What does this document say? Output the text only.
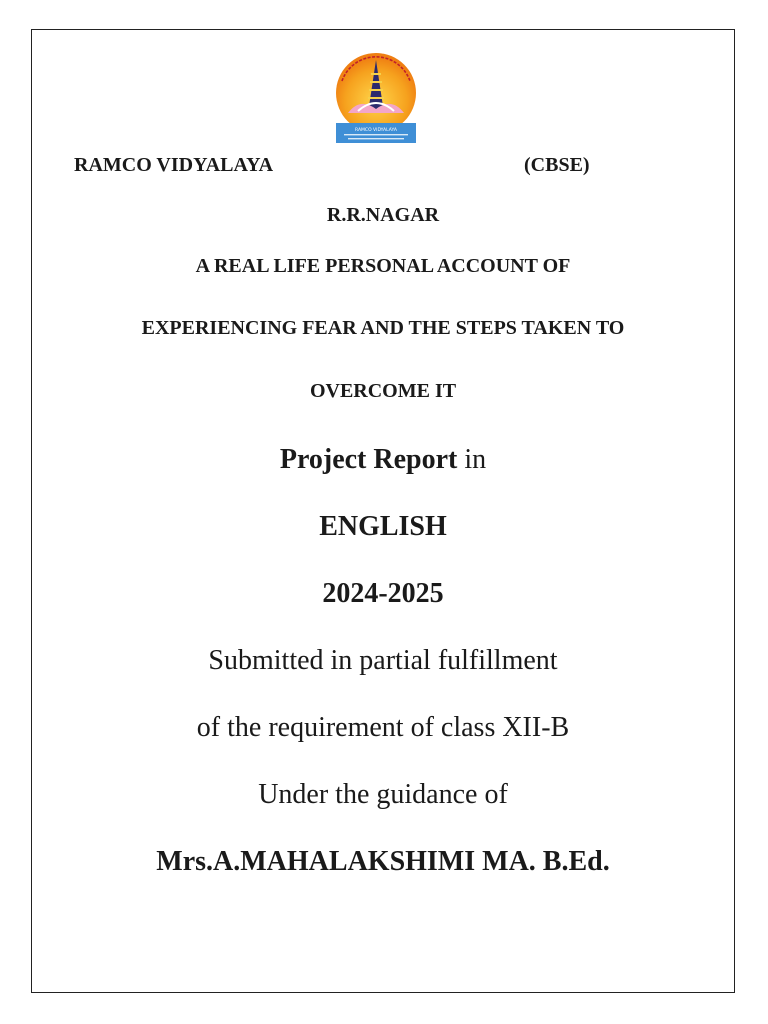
RAMCO VIDYALAYA
RAMCO VIDYALAYA	(CBSE)
R.R.NAGAR
A REAL LIFE PERSONAL ACCOUNT OF
EXPERIENCING FEAR AND THE STEPS TAKEN TO
OVERCOME IT
Project Report in
ENGLISH
2024-2025
Submitted in partial fulfillment
of the requirement of class XII-B
Under the guidance of
Mrs.A.MAHALAKSHIMI MA. B.Ed.
